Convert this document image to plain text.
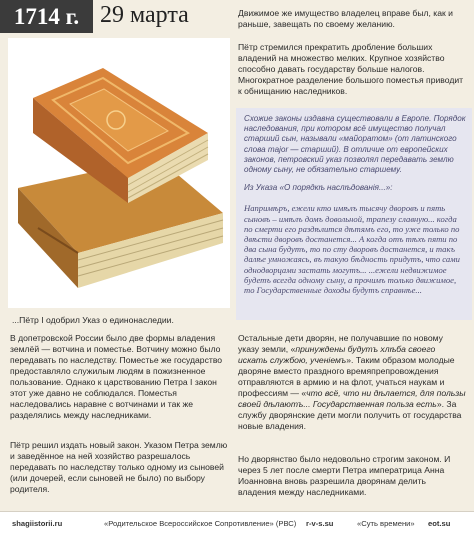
1714 г. 29 марта	Движимое же имущество владелец вправе был, как и раньше, завещать по своему желанию.

Пётр стремился прекратить дробление больших владений на множество мелких. Крупное хозяйство способно давать государству больше налогов. Многократное разделение большого поместья приводит к обнищанию наследников.

...Пётр I одобрил Указ о единонаследии.

Схожие законы издавна существовали в Европе. Порядок наследования, при котором всё имущество получал старший сын, называли «майоратом» (от латинского слова major — старший). В отличие от европейских законов, петровский указ позволял передавать землю одному сыну, не обязательно старшему.

Из Указа «О порядкѣ наслѣдованія...»:

Напримѣръ, ежели кто имѣлъ тысячу дворовъ и пять сыновъ – имѣлъ домъ довольной, трапезу славную... когда по смерти его раздѣлится дѣтямъ его, то уже только по двѣсти дворовъ достанется... А когда отъ тѣхъ пяти по два сына будутъ, то по сту дворовъ достанется, и такъ далѣе умножаясь, въ такую бѣдность придутъ, что сами однодворцами застать могутъ... ...ежели недвижимое будетъ всегда одному сыну, а прочимъ только движимое, то Государственные доходы будутъ справнѣе...

В допетровской России было две формы владения землёй — вотчина и поместье. Вотчину можно было передавать по наследству. Поместье же государство предоставляло служилым людям в пожизненное пользование. Однако к царствованию Петра I закон этот уже давно не соблюдался. Поместья наследовались наравне с вотчинами и так же разделялись между наследниками.

Пётр решил издать новый закон. Указом Петра землю и заведённое на ней хозяйство разрешалось передавать по наследству только одному из сыновей (или дочерей, если сыновей не было) по выбору родителя.

Остальные дети дворян, не получавшие по новому указу земли, «принуждены будутъ хлѣба своего искать службою, ученіемъ». Таким образом молодые дворяне вместо праздного времяпрепровождения отправляются в армию и на флот, учаться наукам и профессиям — «что всё, что ни дѣлается, для пользы своей дѣлаютъ... Государственная польза есть». За службу дворянские дети могли получить от государства новые владения.

Но дворянство было недовольно строгим законом. И через 5 лет после смерти Петра императрица Анна Иоанновна вновь разрешила дворянам делить владения между наследниками.

shagiistorii.ru	«Родительское Всероссийское Сопротивление» (РВС) r-v-s.su	«Суть времени» eot.su
